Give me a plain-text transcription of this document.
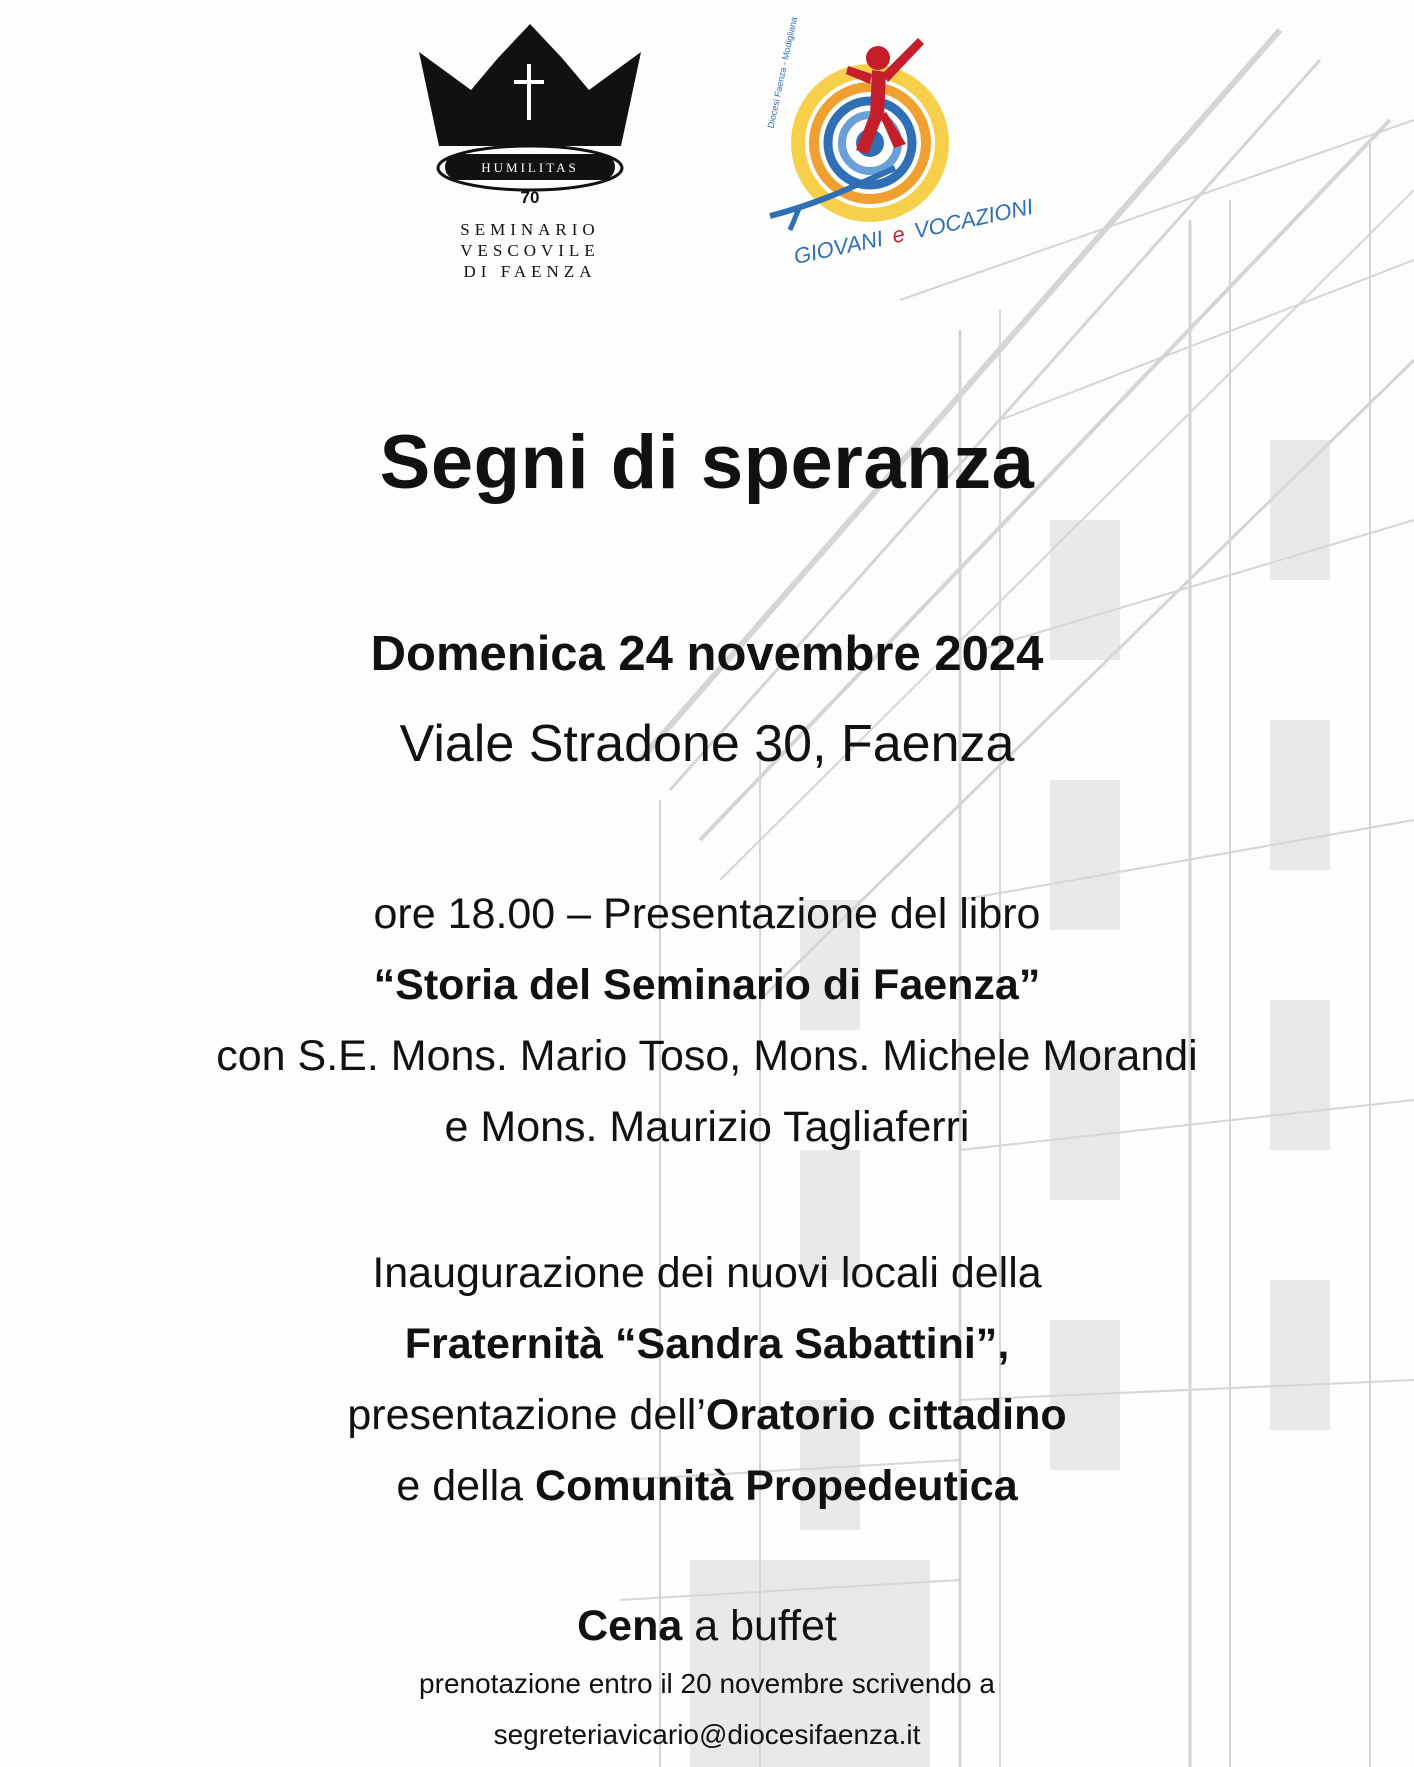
HUMILITAS
70
SEMINARIO
VESCOVILE
DI FAENZA
Diocesi Faenza - Modigliana
GIOVANI e VOCAZIONI
Segni di speranza
Domenica 24 novembre 2024
Viale Stradone 30, Faenza
ore 18.00 – Presentazione del libro
“Storia del Seminario di Faenza”
con S.E. Mons. Mario Toso, Mons. Michele Morandi
e Mons. Maurizio Tagliaferri
Inaugurazione dei nuovi locali della
Fraternità “Sandra Sabattini”,
presentazione dell’Oratorio cittadino
e della Comunità Propedeutica
Cena a buffet
prenotazione entro il 20 novembre scrivendo a
segreteriavicario@diocesifaenza.it
